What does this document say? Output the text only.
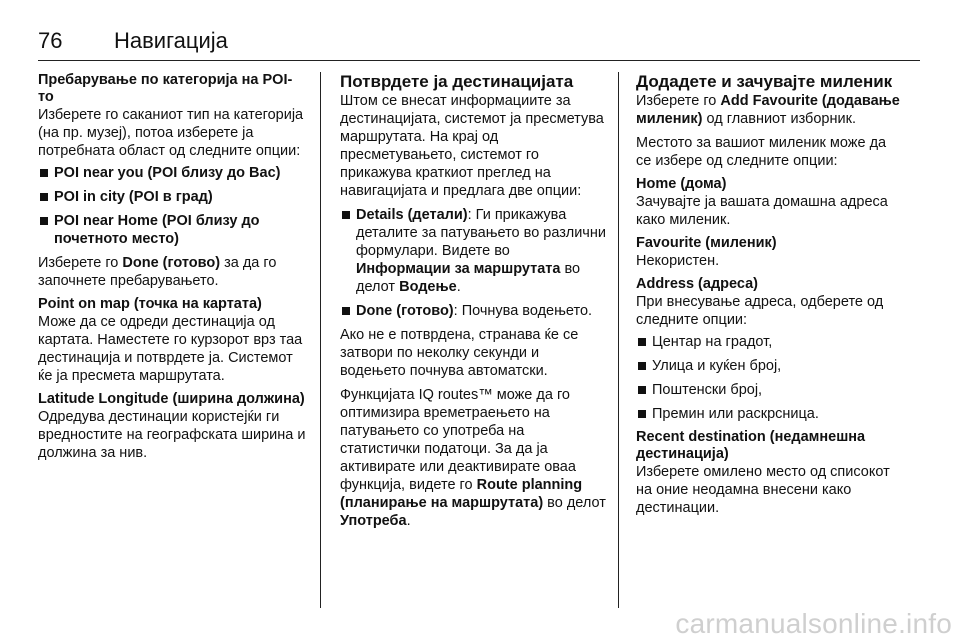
76	Навигација
Пребарување по категорија на POI-то
Изберете го саканиот тип на категорија (на пр. музеј), потоа изберете ја потребната област од следните опции:
POI near you (POI близу до Вас)
POI in city (POI в град)
POI near Home (POI близу до почетното место)
Изберете го Done (готово) за да го започнете пребарувањето.
Point on map (точка на картата)
Може да се одреди дестинација од картата. Наместете го курзорот врз таа дестинација и потврдете ја. Системот ќе ја пресмета маршрутата.
Latitude Longitude (ширина должина)
Одредува дестинации користејќи ги вредностите на географската ширина и должина за нив.
Потврдете ја дестинацијата
Штом се внесат информациите за дестинацијата, системот ја пресметува маршрутата. На крај од пресметувањето, системот го прикажува краткиот преглед на навигацијата и предлага две опции:
Details (детали): Ги прикажува деталите за патувањето во различни формулари. Видете во Информации за маршрутата во делот Водење.
Done (готово): Почнува водењето.
Ако не е потврдена, странава ќе се затвори по неколку секунди и водењето почнува автоматски.
Функцијата IQ routes™ може да го оптимизира времетраењето на патувањето со употреба на статистички податоци. За да ја активирате или деактивирате оваа функција, видете го Route planning (планирање на маршрутата) во делот Употреба.
Додадете и зачувајте миленик
Изберете го Add Favourite (додавање миленик) од главниот изборник.
Местото за вашиот миленик може да се избере од следните опции:
Home (дома)
Зачувајте ја вашата домашна адреса како миленик.
Favourite (миленик)
Некористен.
Address (адреса)
При внесување адреса, одберете од следните опции:
Центар на градот,
Улица и куќен број,
Поштенски број,
Премин или раскрсница.
Recent destination (недамнешна дестинација)
Изберете омилено место од списокот на оние неодамна внесени како дестинации.
carmanualsonline.info
